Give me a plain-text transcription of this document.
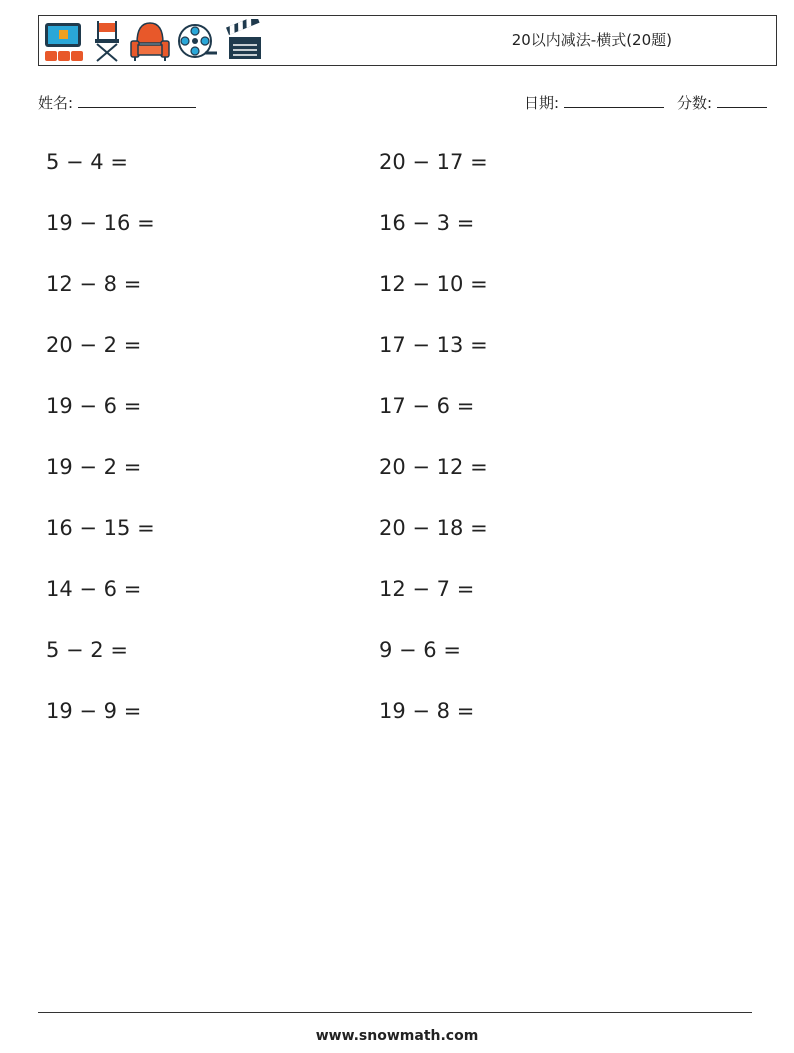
20以内减法-横式(20题)
姓名:	日期:	分数:
5 − 4 =
19 − 16 =
12 − 8 =
20 − 2 =
19 − 6 =
19 − 2 =
16 − 15 =
14 − 6 =
5 − 2 =
19 − 9 =
20 − 17 =
16 − 3 =
12 − 10 =
17 − 13 =
17 − 6 =
20 − 12 =
20 − 18 =
12 − 7 =
9 − 6 =
19 − 8 =
www.snowmath.com
